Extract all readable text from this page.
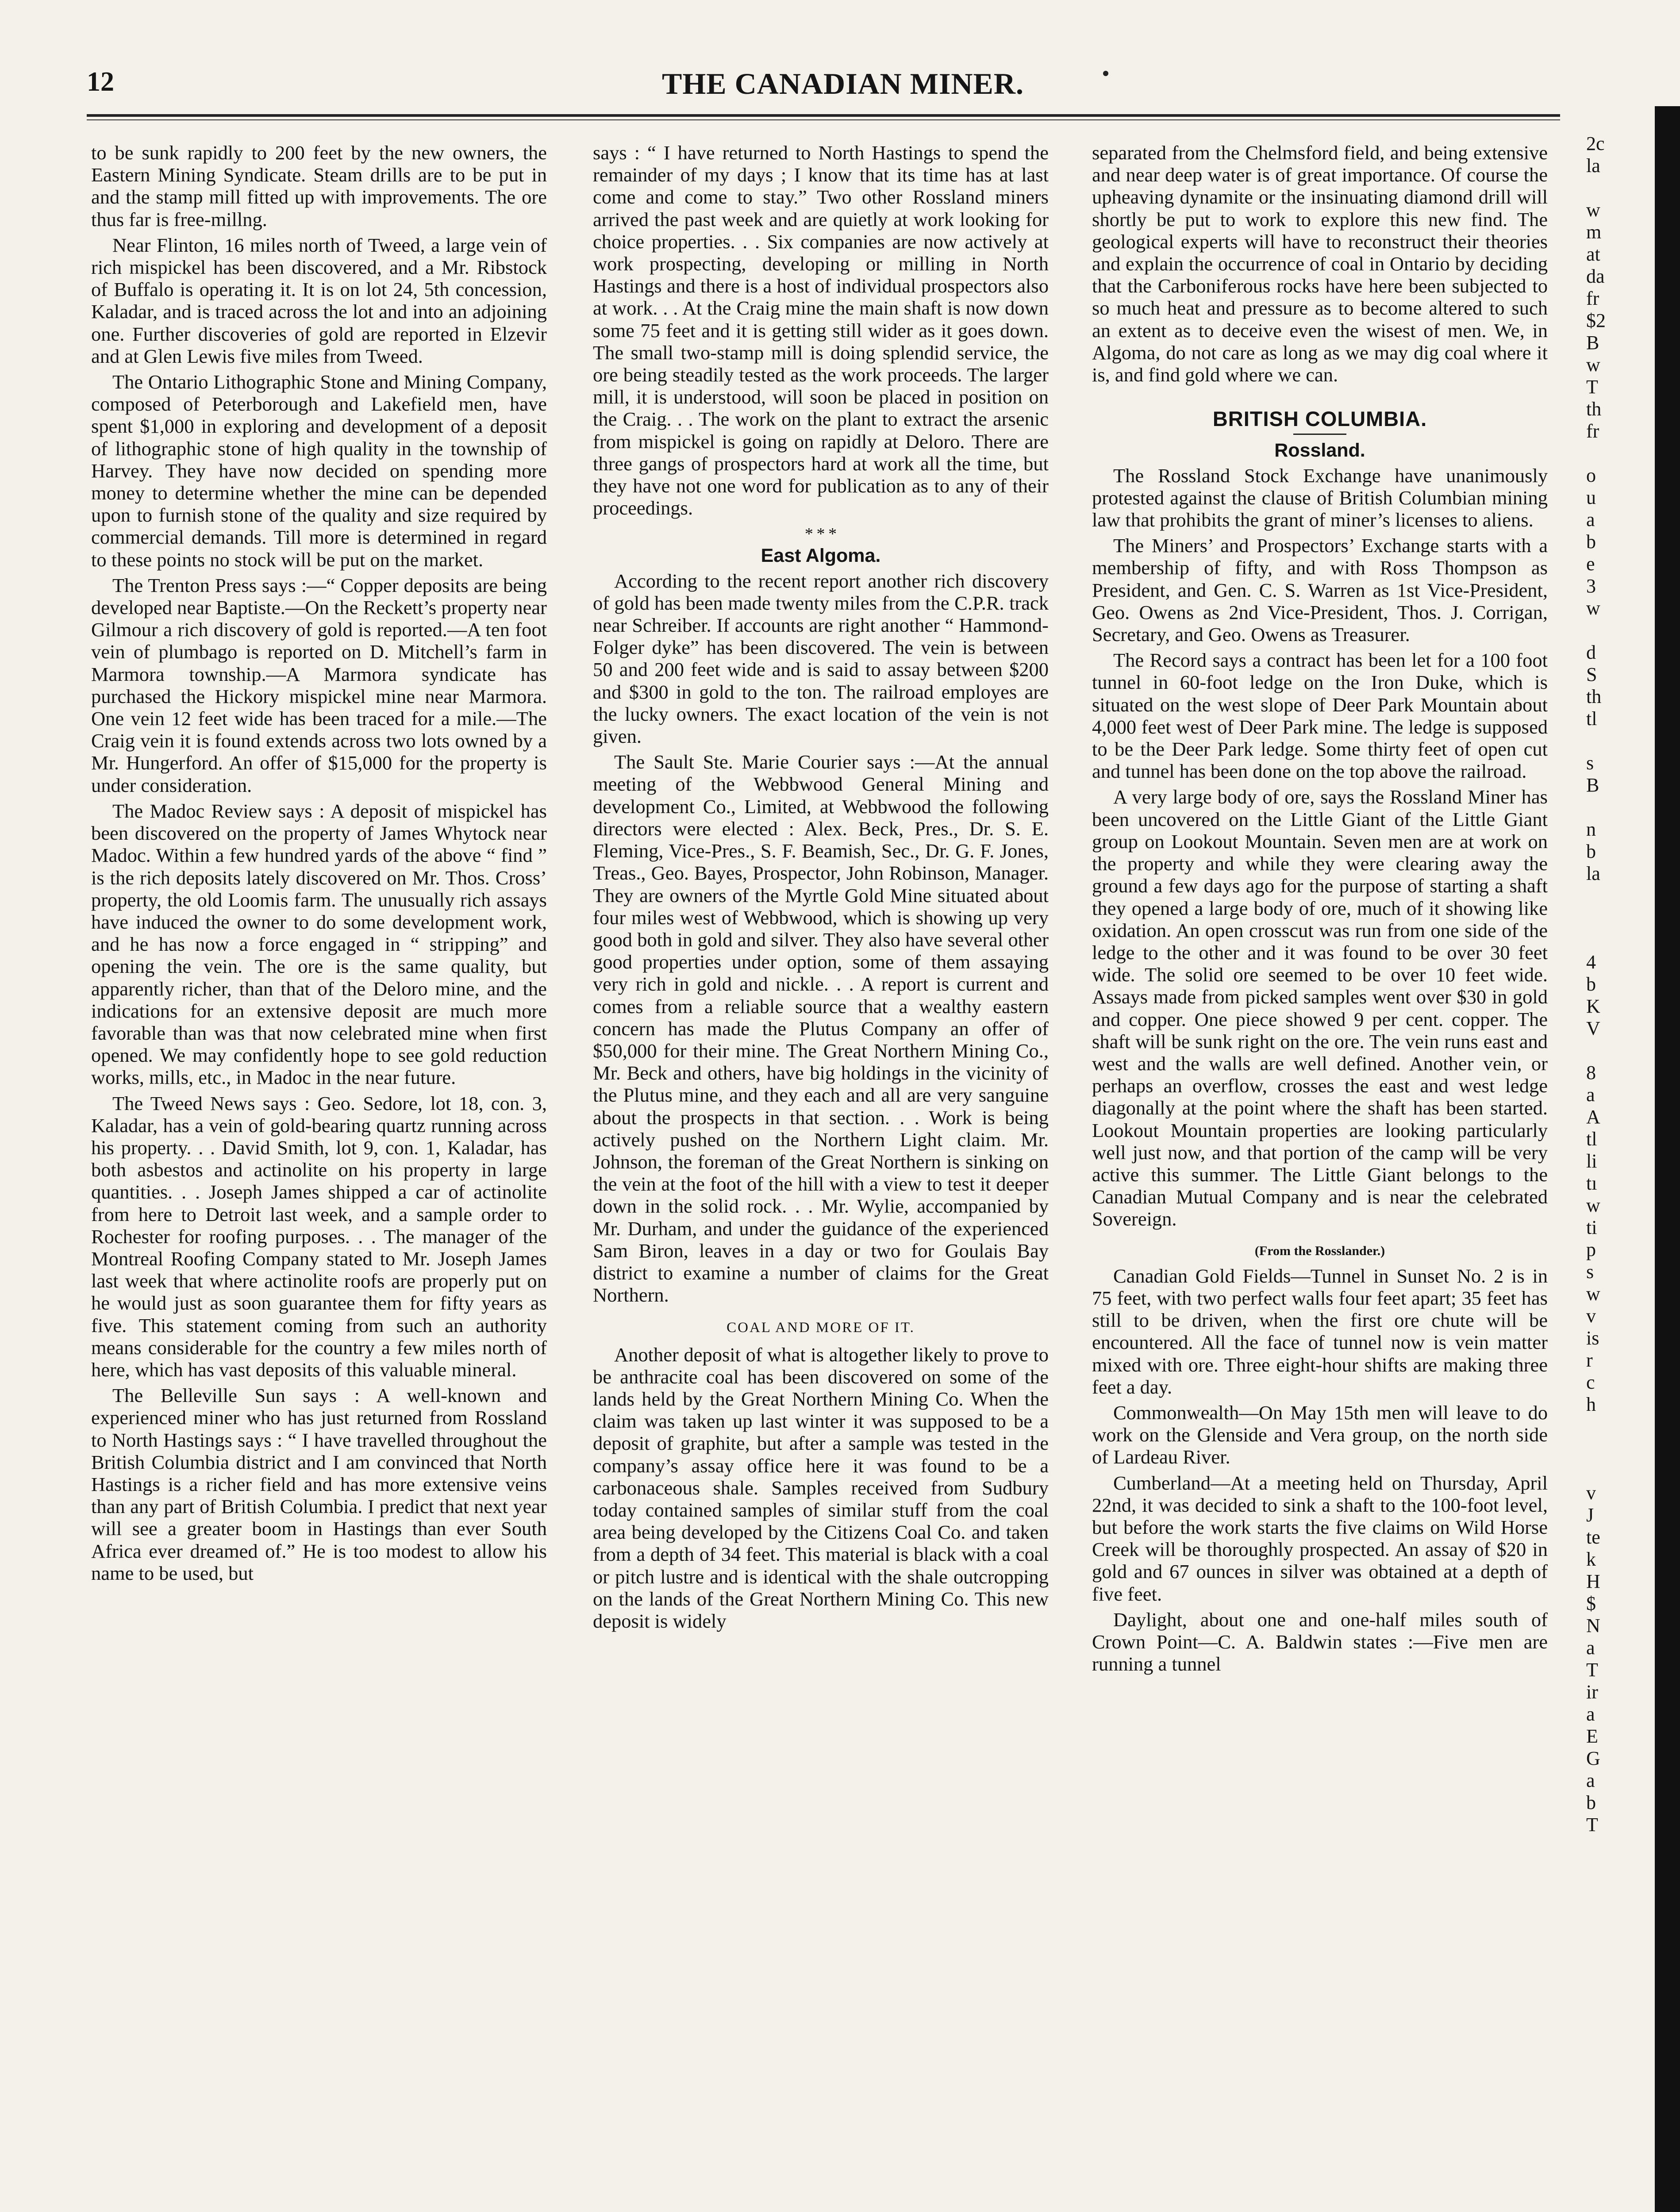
12	THE CANADIAN MINER.

to be sunk rapidly to 200 feet by the new owners, the Eastern Mining Syndicate. Steam drills are to be put in and the stamp mill fitted up with improvements. The ore thus far is free-millng.

Near Flinton, 16 miles north of Tweed, a large vein of rich mispickel has been discovered, and a Mr. Ribstock of Buffalo is operating it. It is on lot 24, 5th concession, Kaladar, and is traced across the lot and into an adjoining one. Further discoveries of gold are reported in Elzevir and at Glen Lewis five miles from Tweed.

The Ontario Lithographic Stone and Mining Company, composed of Peterborough and Lakefield men, have spent $1,000 in exploring and development of a deposit of lithographic stone of high quality in the township of Harvey. They have now decided on spending more money to determine whether the mine can be depended upon to furnish stone of the quality and size required by commercial demands. Till more is determined in regard to these points no stock will be put on the market.

The Trenton Press says :—“ Copper deposits are being developed near Baptiste.—On the Reckett’s property near Gilmour a rich discovery of gold is reported.—A ten foot vein of plumbago is reported on D. Mitchell’s farm in Marmora township.—A Marmora syndicate has purchased the Hickory mispickel mine near Marmora. One vein 12 feet wide has been traced for a mile.—The Craig vein it is found extends across two lots owned by a Mr. Hungerford. An offer of $15,000 for the property is under consideration.

The Madoc Review says : A deposit of mispickel has been discovered on the property of James Whytock near Madoc. Within a few hundred yards of the above “ find ” is the rich deposits lately discovered on Mr. Thos. Cross’ property, the old Loomis farm. The unusually rich assays have induced the owner to do some development work, and he has now a force engaged in “ stripping” and opening the vein. The ore is the same quality, but apparently richer, than that of the Deloro mine, and the indications for an extensive deposit are much more favorable than was that now celebrated mine when first opened. We may confidently hope to see gold reduction works, mills, etc., in Madoc in the near future.

The Tweed News says : Geo. Sedore, lot 18, con. 3, Kaladar, has a vein of gold-bearing quartz running across his property. . . David Smith, lot 9, con. 1, Kaladar, has both asbestos and actinolite on his property in large quantities. . . Joseph James shipped a car of actinolite from here to Detroit last week, and a sample order to Rochester for roofing purposes. . . The manager of the Montreal Roofing Company stated to Mr. Joseph James last week that where actinolite roofs are properly put on he would just as soon guarantee them for fifty years as five. This statement coming from such an authority means considerable for the country a few miles north of here, which has vast deposits of this valuable mineral.

The Belleville Sun says : A well-known and experienced miner who has just returned from Rossland to North Hastings says : “ I have travelled throughout the British Columbia district and I am convinced that North Hastings is a richer field and has more extensive veins than any part of British Columbia. I predict that next year will see a greater boom in Hastings than ever South Africa ever dreamed of.” He is too modest to allow his name to be used, but

says : “ I have returned to North Hastings to spend the remainder of my days ; I know that its time has at last come and come to stay.” Two other Rossland miners arrived the past week and are quietly at work looking for choice properties. . . Six companies are now actively at work prospecting, developing or milling in North Hastings and there is a host of individual prospectors also at work. . . At the Craig mine the main shaft is now down some 75 feet and it is getting still wider as it goes down. The small two-stamp mill is doing splendid service, the ore being steadily tested as the work proceeds. The larger mill, it is understood, will soon be placed in position on the Craig. . . The work on the plant to extract the arsenic from mispickel is going on rapidly at Deloro. There are three gangs of prospectors hard at work all the time, but they have not one word for publication as to any of their proceedings.

* * *
East Algoma.

According to the recent report another rich discovery of gold has been made twenty miles from the C.P.R. track near Schreiber. If accounts are right another “ Hammond-Folger dyke” has been discovered. The vein is between 50 and 200 feet wide and is said to assay between $200 and $300 in gold to the ton. The railroad employes are the lucky owners. The exact location of the vein is not given.

The Sault Ste. Marie Courier says :—At the annual meeting of the Webbwood General Mining and development Co., Limited, at Webbwood the following directors were elected : Alex. Beck, Pres., Dr. S. E. Fleming, Vice-Pres., S. F. Beamish, Sec., Dr. G. F. Jones, Treas., Geo. Bayes, Prospector, John Robinson, Manager. They are owners of the Myrtle Gold Mine situated about four miles west of Webbwood, which is showing up very good both in gold and silver. They also have several other good properties under option, some of them assaying very rich in gold and nickle. . . A report is current and comes from a reliable source that a wealthy eastern concern has made the Plutus Company an offer of $50,000 for their mine. The Great Northern Mining Co., Mr. Beck and others, have big holdings in the vicinity of the Plutus mine, and they each and all are very sanguine about the prospects in that section. . . Work is being actively pushed on the Northern Light claim. Mr. Johnson, the foreman of the Great Northern is sinking on the vein at the foot of the hill with a view to test it deeper down in the solid rock. . . Mr. Wylie, accompanied by Mr. Durham, and under the guidance of the experienced Sam Biron, leaves in a day or two for Goulais Bay district to examine a number of claims for the Great Northern.

COAL AND MORE OF IT.

Another deposit of what is altogether likely to prove to be anthracite coal has been discovered on some of the lands held by the Great Northern Mining Co. When the claim was taken up last winter it was supposed to be a deposit of graphite, but after a sample was tested in the company’s assay office here it was found to be a carbonaceous shale. Samples received from Sudbury today contained samples of similar stuff from the coal area being developed by the Citizens Coal Co. and taken from a depth of 34 feet. This material is black with a coal or pitch lustre and is identical with the shale outcropping on the lands of the Great Northern Mining Co. This new deposit is widely

separated from the Chelmsford field, and being extensive and near deep water is of great importance. Of course the upheaving dynamite or the insinuating diamond drill will shortly be put to work to explore this new find. The geological experts will have to reconstruct their theories and explain the occurrence of coal in Ontario by deciding that the Carboniferous rocks have here been subjected to so much heat and pressure as to become altered to such an extent as to deceive even the wisest of men. We, in Algoma, do not care as long as we may dig coal where it is, and find gold where we can.

BRITISH COLUMBIA.
Rossland.

The Rossland Stock Exchange have unanimously protested against the clause of British Columbian mining law that prohibits the grant of miner’s licenses to aliens.

The Miners’ and Prospectors’ Exchange starts with a membership of fifty, and with Ross Thompson as President, and Gen. C. S. Warren as 1st Vice-President, Geo. Owens as 2nd Vice-President, Thos. J. Corrigan, Secretary, and Geo. Owens as Treasurer.

The Record says a contract has been let for a 100 foot tunnel in 60-foot ledge on the Iron Duke, which is situated on the west slope of Deer Park Mountain about 4,000 feet west of Deer Park mine. The ledge is supposed to be the Deer Park ledge. Some thirty feet of open cut and tunnel has been done on the top above the railroad.

A very large body of ore, says the Rossland Miner has been uncovered on the Little Giant of the Little Giant group on Lookout Mountain. Seven men are at work on the property and while they were clearing away the ground a few days ago for the purpose of starting a shaft they opened a large body of ore, much of it showing like oxidation. An open crosscut was run from one side of the ledge to the other and it was found to be over 30 feet wide. The solid ore seemed to be over 10 feet wide. Assays made from picked samples went over $30 in gold and copper. One piece showed 9 per cent. copper. The shaft will be sunk right on the ore. The vein runs east and west and the walls are well defined. Another vein, or perhaps an overflow, crosses the east and west ledge diagonally at the point where the shaft has been started. Lookout Mountain properties are looking particularly well just now, and that portion of the camp will be very active this summer. The Little Giant belongs to the Canadian Mutual Company and is near the celebrated Sovereign.

(From the Rosslander.)

Canadian Gold Fields—Tunnel in Sunset No. 2 is in 75 feet, with two perfect walls four feet apart; 35 feet has still to be driven, when the first ore chute will be encountered. All the face of tunnel now is vein matter mixed with ore. Three eight-hour shifts are making three feet a day.

Commonwealth—On May 15th men will leave to do work on the Glenside and Vera group, on the north side of Lardeau River.

Cumberland—At a meeting held on Thursday, April 22nd, it was decided to sink a shaft to the 100-foot level, but before the work starts the five claims on Wild Horse Creek will be thoroughly prospected. An assay of $20 in gold and 67 ounces in silver was obtained at a depth of five feet.

Daylight, about one and one-half miles south of Crown Point—C. A. Baldwin states :—Five men are running a tunnel

2c
la
w
m
at
da
fr
$2
B
w
T
th
fr
o
u
a
b
e
3
w
d
S
th
tl
s
B
n
b
la
4
b
K
V
8
a
A
tl
li
tı
w
ti
p
s
w
v
is
r
c
h
v
J
te
k
H
$
N
a
T
ir
a
E
G
a
b
T
